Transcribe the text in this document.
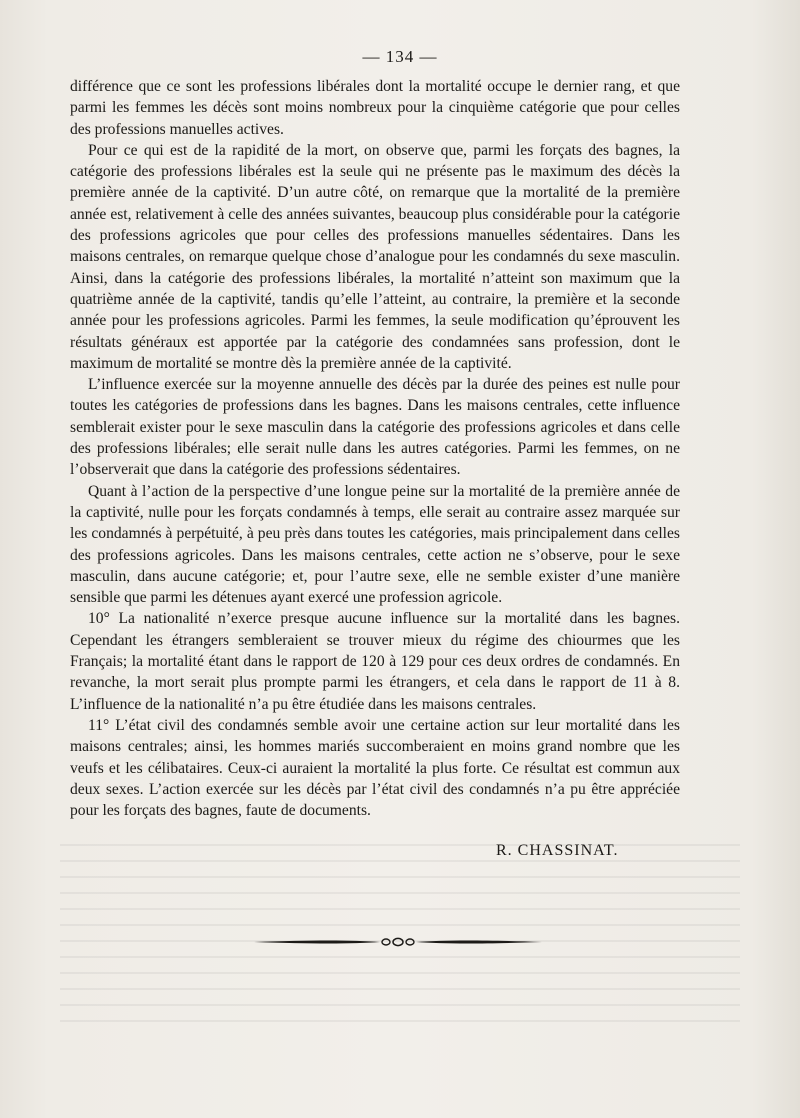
— 134 —

différence que ce sont les professions libérales dont la mortalité occupe le dernier rang, et que parmi les femmes les décès sont moins nombreux pour la cinquième catégorie que pour celles des professions manuelles actives.

Pour ce qui est de la rapidité de la mort, on observe que, parmi les forçats des bagnes, la catégorie des professions libérales est la seule qui ne présente pas le maximum des décès la première année de la captivité. D’un autre côté, on remarque que la mortalité de la première année est, relativement à celle des années suivantes, beaucoup plus considérable pour la catégorie des professions agricoles que pour celles des professions manuelles sédentaires. Dans les maisons centrales, on remarque quelque chose d’analogue pour les condamnés du sexe masculin. Ainsi, dans la catégorie des professions libérales, la mortalité n’atteint son maximum que la quatrième année de la captivité, tandis qu’elle l’atteint, au contraire, la première et la seconde année pour les professions agricoles. Parmi les femmes, la seule modification qu’éprouvent les résultats généraux est apportée par la catégorie des condamnées sans profession, dont le maximum de mortalité se montre dès la première année de la captivité.

L’influence exercée sur la moyenne annuelle des décès par la durée des peines est nulle pour toutes les catégories de professions dans les bagnes. Dans les maisons centrales, cette influence semblerait exister pour le sexe masculin dans la catégorie des professions agricoles et dans celle des professions libérales; elle serait nulle dans les autres catégories. Parmi les femmes, on ne l’observerait que dans la catégorie des professions sédentaires.

Quant à l’action de la perspective d’une longue peine sur la mortalité de la première année de la captivité, nulle pour les forçats condamnés à temps, elle serait au contraire assez marquée sur les condamnés à perpétuité, à peu près dans toutes les catégories, mais principalement dans celles des professions agricoles. Dans les maisons centrales, cette action ne s’observe, pour le sexe masculin, dans aucune catégorie; et, pour l’autre sexe, elle ne semble exister d’une manière sensible que parmi les détenues ayant exercé une profession agricole.

10° La nationalité n’exerce presque aucune influence sur la mortalité dans les bagnes. Cependant les étrangers sembleraient se trouver mieux du régime des chiourmes que les Français; la mortalité étant dans le rapport de 120 à 129 pour ces deux ordres de condamnés. En revanche, la mort serait plus prompte parmi les étrangers, et cela dans le rapport de 11 à 8. L’influence de la nationalité n’a pu être étudiée dans les maisons centrales.

11° L’état civil des condamnés semble avoir une certaine action sur leur mortalité dans les maisons centrales; ainsi, les hommes mariés succomberaient en moins grand nombre que les veufs et les célibataires. Ceux-ci auraient la mortalité la plus forte. Ce résultat est commun aux deux sexes. L’action exercée sur les décès par l’état civil des condamnés n’a pu être appréciée pour les forçats des bagnes, faute de documents.

R. CHASSINAT.
